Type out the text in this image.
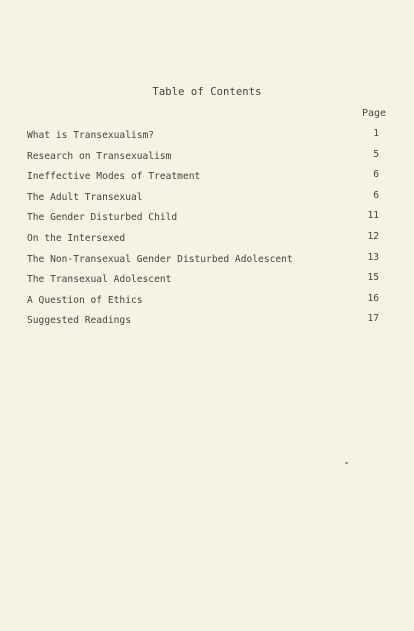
Table of Contents
Page
What is Transexualism?	1
Research on Transexualism	5
Ineffective Modes of Treatment	6
The Adult Transexual	6
The Gender Disturbed Child	11
On the Intersexed	12
The Non-Transexual Gender Disturbed Adolescent	13
The Transexual Adolescent	15
A Question of Ethics	16
Suggested Readings	17
